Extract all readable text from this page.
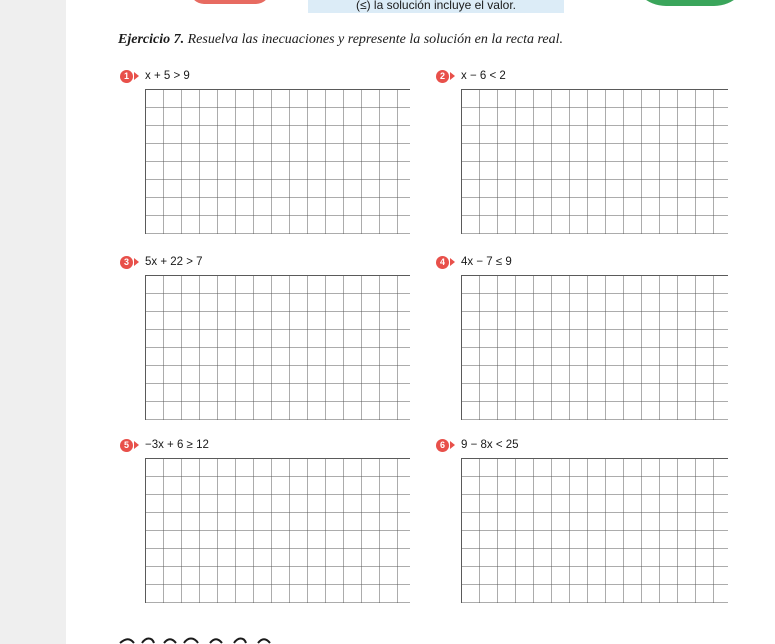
(≤) la solución incluye el valor.
Ejercicio 7. Resuelva las inecuaciones y represente la solución en la recta real.
1	x + 5 > 9	2	x − 6 < 2
3	5x + 22 > 7	4	4x − 7 ≤ 9
5	−3x + 6 ≥ 12	6	9 − 8x < 25
